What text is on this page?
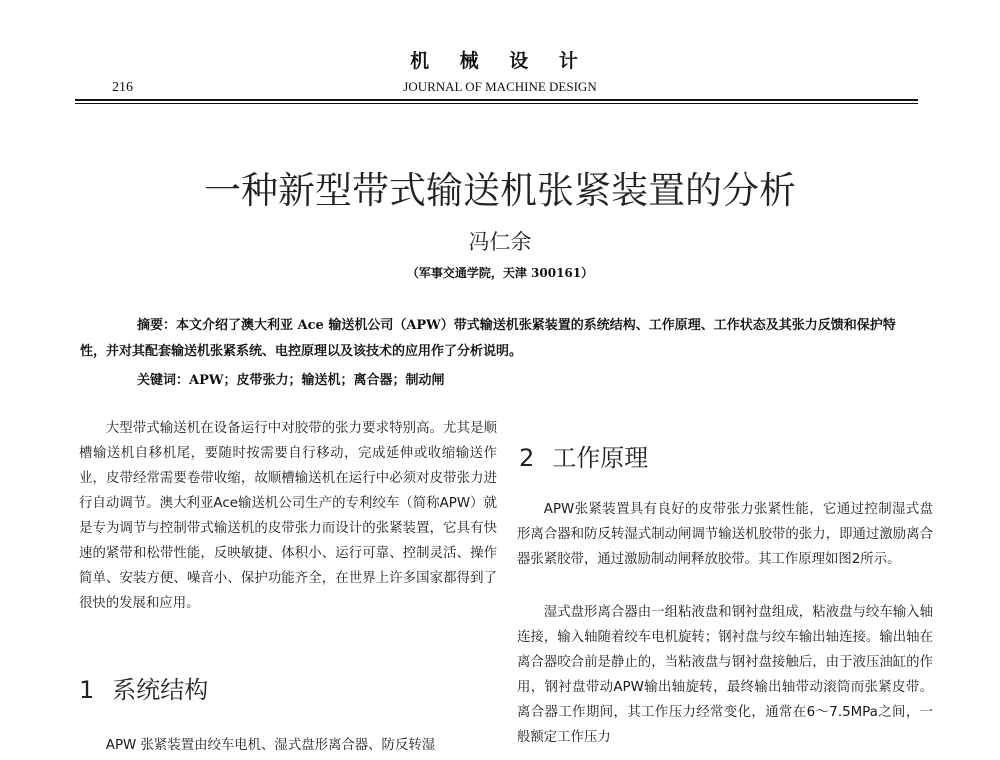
机 械 设 计
216	JOURNAL OF MACHINE DESIGN
一种新型带式输送机张紧装置的分析
冯仁余
（军事交通学院，天津 300161）
摘要：本文介绍了澳大利亚 Ace 输送机公司（APW）带式输送机张紧装置的系统结构、工作原理、工作状态及其张力反馈和保护特性，并对其配套输送机张紧系统、电控原理以及该技术的应用作了分析说明。
关键词：APW；皮带张力；输送机；离合器；制动闸

大型带式输送机在设备运行中对胶带的张力要求特别高。尤其是顺槽输送机自移机尾，要随时按需要自行移动，完成延伸或收缩输送作业，皮带经常需要卷带收缩，故顺槽输送机在运行中必须对皮带张力进行自动调节。澳大利亚Ace输送机公司生产的专利绞车（简称APW）就是专为调节与控制带式输送机的皮带张力而设计的张紧装置，它具有快速的紧带和松带性能，反映敏捷、体积小、运行可靠、控制灵活、操作简单、安装方便、噪音小、保护功能齐全，在世界上许多国家都得到了很快的发展和应用。

1 系统结构

APW 张紧装置由绞车电机、湿式盘形离合器、防反转湿

2 工作原理

APW张紧装置具有良好的皮带张力张紧性能，它通过控制湿式盘形离合器和防反转湿式制动闸调节输送机胶带的张力，即通过激励离合器张紧胶带，通过激励制动闸释放胶带。其工作原理如图2所示。

湿式盘形离合器由一组粘液盘和钢衬盘组成，粘液盘与绞车输入轴连接，输入轴随着绞车电机旋转；钢衬盘与绞车输出轴连接。输出轴在离合器咬合前是静止的，当粘液盘与钢衬盘接触后，由于液压油缸的作用，钢衬盘带动APW输出轴旋转，最终输出轴带动滚筒而张紧皮带。离合器工作期间，其工作压力经常变化，通常在6～7.5MPa之间，一般额定工作压力
